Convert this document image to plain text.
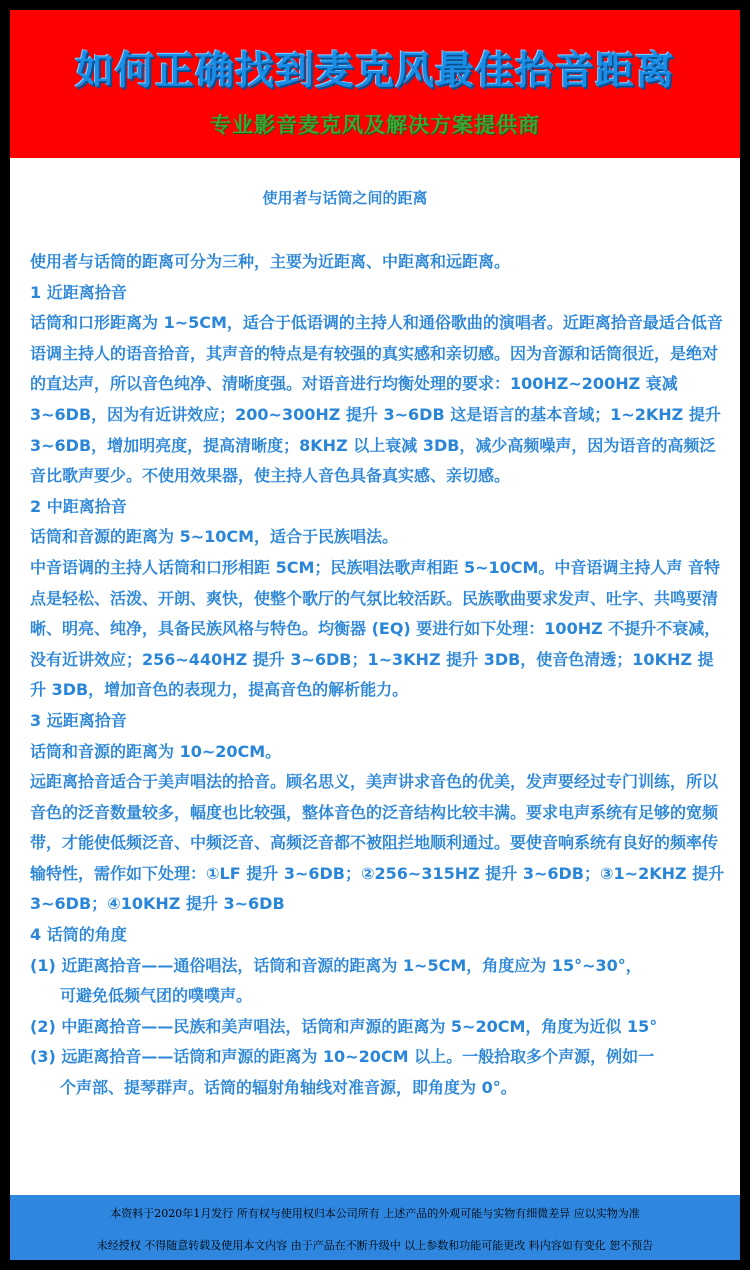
如何正确找到麦克风最佳拾音距离
专业影音麦克风及解决方案提供商
使用者与话筒之间的距离

使用者与话筒的距离可分为三种，主要为近距离、中距离和远距离。

1 近距离拾音

话筒和口形距离为 1~5CM，适合于低语调的主持人和通俗歌曲的演唱者。近距离拾音最适合低音语调主持人的语音拾音，其声音的特点是有较强的真实感和亲切感。因为音源和话筒很近，是绝对的直达声，所以音色纯净、清晰度强。对语音进行均衡处理的要求：100HZ~200HZ 衰减 3~6DB，因为有近讲效应；200~300HZ 提升 3~6DB 这是语言的基本音域；1~2KHZ 提升 3~6DB，增加明亮度，提高清晰度；8KHZ 以上衰减 3DB，减少高频噪声，因为语音的高频泛音比歌声要少。不使用效果器，使主持人音色具备真实感、亲切感。

2 中距离拾音

话筒和音源的距离为 5~10CM，适合于民族唱法。

中音语调的主持人话筒和口形相距 5CM；民族唱法歌声相距 5~10CM。中音语调主持人声 音特点是轻松、活泼、开朗、爽快，使整个歌厅的气氛比较活跃。民族歌曲要求发声、吐字、共鸣要清晰、明亮、纯净，具备民族风格与特色。均衡器 (EQ) 要进行如下处理：100HZ 不提升不衰减，没有近讲效应；256~440HZ 提升 3~6DB；1~3KHZ 提升 3DB，使音色清透；10KHZ 提升 3DB，增加音色的表现力，提高音色的解析能力。

3 远距离拾音

话筒和音源的距离为 10~20CM。

远距离拾音适合于美声唱法的拾音。顾名思义，美声讲求音色的优美，发声要经过专门训练，所以音色的泛音数量较多，幅度也比较强，整体音色的泛音结构比较丰满。要求电声系统有足够的宽频带，才能使低频泛音、中频泛音、高频泛音都不被阻拦地顺利通过。要使音响系统有良好的频率传输特性，需作如下处理：①LF 提升 3~6DB；②256~315HZ 提升 3~6DB；③1~2KHZ 提升 3~6DB；④10KHZ 提升 3~6DB

4 话筒的角度

(1) 近距离拾音——通俗唱法，话筒和音源的距离为 1~5CM，角度应为 15°~30°，

可避免低频气团的噗噗声。

(2) 中距离拾音——民族和美声唱法，话筒和声源的距离为 5~20CM，角度为近似 15°

(3) 远距离拾音——话筒和声源的距离为 10~20CM 以上。一般拾取多个声源，例如一

个声部、提琴群声。话筒的辐射角轴线对准音源，即角度为 0°。

本资料于2020年1月发行 所有权与使用权归本公司所有 上述产品的外观可能与实物有细微差异 应以实物为准
未经授权 不得随意转载及使用本文内容 由于产品在不断升级中 以上参数和功能可能更改 料内容如有变化 恕不预告
